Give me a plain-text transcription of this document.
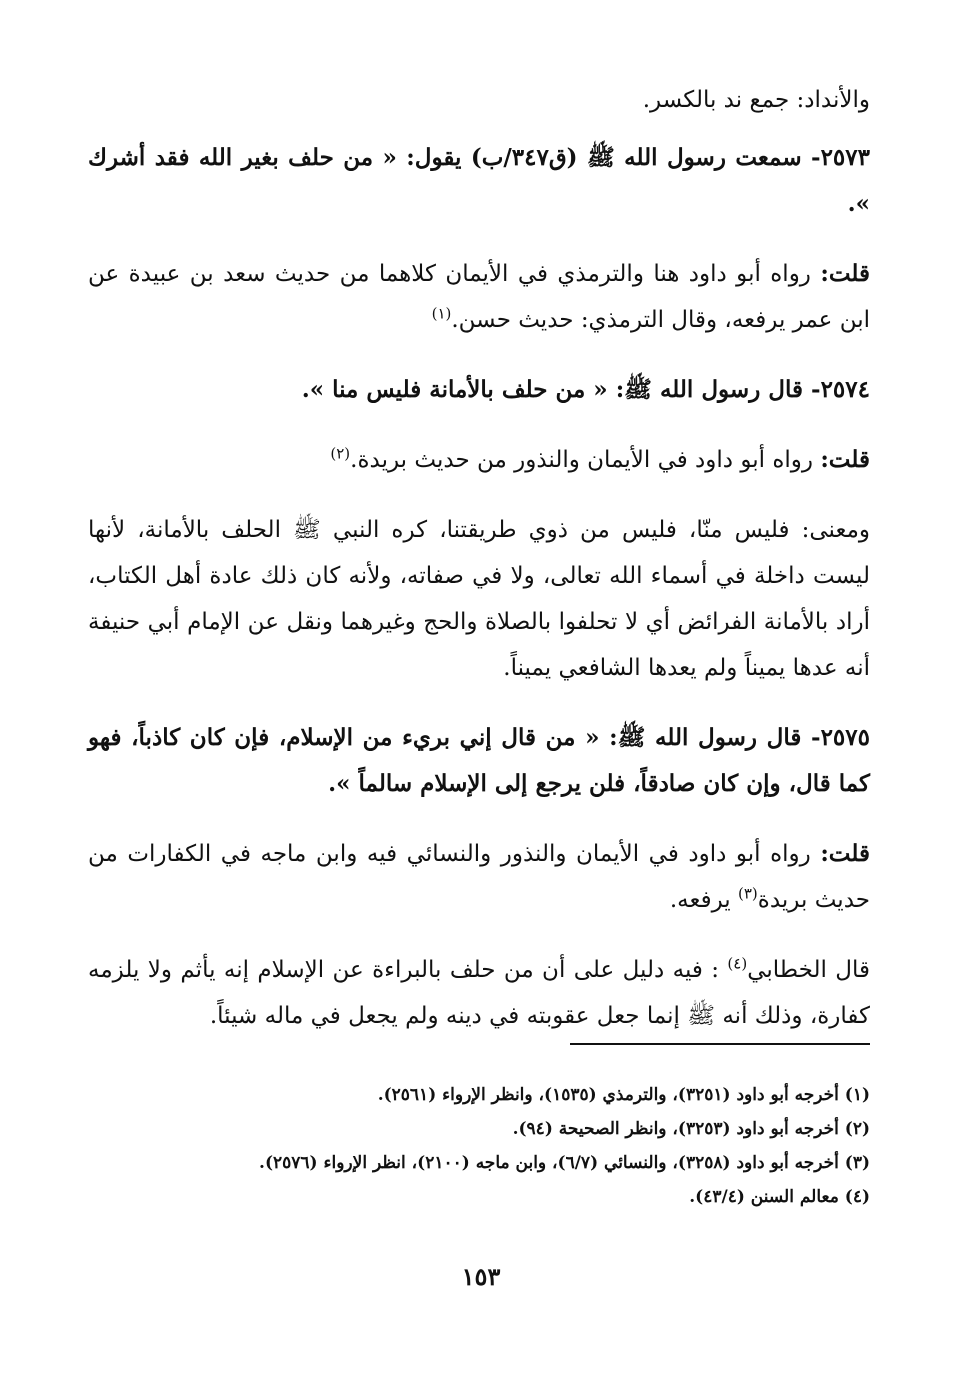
والأنداد: جمع ند بالكسر.

٢٥٧٣- سمعت رسول الله ﷺ (ق٣٤٧/ب) يقول: « من حلف بغير الله فقد أشرك ».

قلت: رواه أبو داود هنا والترمذي في الأيمان كلاهما من حديث سعد بن عبيدة عن ابن عمر يرفعه، وقال الترمذي: حديث حسن.$^{(١)}$

٢٥٧٤- قال رسول الله ﷺ: « من حلف بالأمانة فليس منا ».

قلت: رواه أبو داود في الأيمان والنذور من حديث بريدة.$^{(٢)}$

ومعنى: فليس منّا، فليس من ذوي طريقتنا، كره النبي ﷺ الحلف بالأمانة، لأنها ليست داخلة في أسماء الله تعالى، ولا في صفاته، ولأنه كان ذلك عادة أهل الكتاب، أراد بالأمانة الفرائض أي لا تحلفوا بالصلاة والحج وغيرهما ونقل عن الإمام أبي حنيفة أنه عدها يميناً ولم يعدها الشافعي يميناً.

٢٥٧٥- قال رسول الله ﷺ: « من قال إني بريء من الإسلام، فإن كان كاذباً، فهو كما قال، وإن كان صادقاً، فلن يرجع إلى الإسلام سالماً ».

قلت: رواه أبو داود في الأيمان والنذور والنسائي فيه وابن ماجه في الكفارات من حديث بريدة$^{(٣)}$ يرفعه.

قال الخطابي$^{(٤)}$ : فيه دليل على أن من حلف بالبراءة عن الإسلام إنه يأثم ولا يلزمه كفارة، وذلك أنه ﷺ إنما جعل عقوبته في دينه ولم يجعل في ماله شيئاً.

(١) أخرجه أبو داود (٣٢٥١)، والترمذي (١٥٣٥)، وانظر الإرواء (٢٥٦١).

(٢) أخرجه أبو داود (٣٢٥٣)، وانظر الصحيحة (٩٤).

(٣) أخرجه أبو داود (٣٢٥٨)، والنسائي (٦/٧)، وابن ماجه (٢١٠٠)، انظر الإرواء (٢٥٧٦).

(٤) معالم السنن (٤٣/٤).

١٥٣
